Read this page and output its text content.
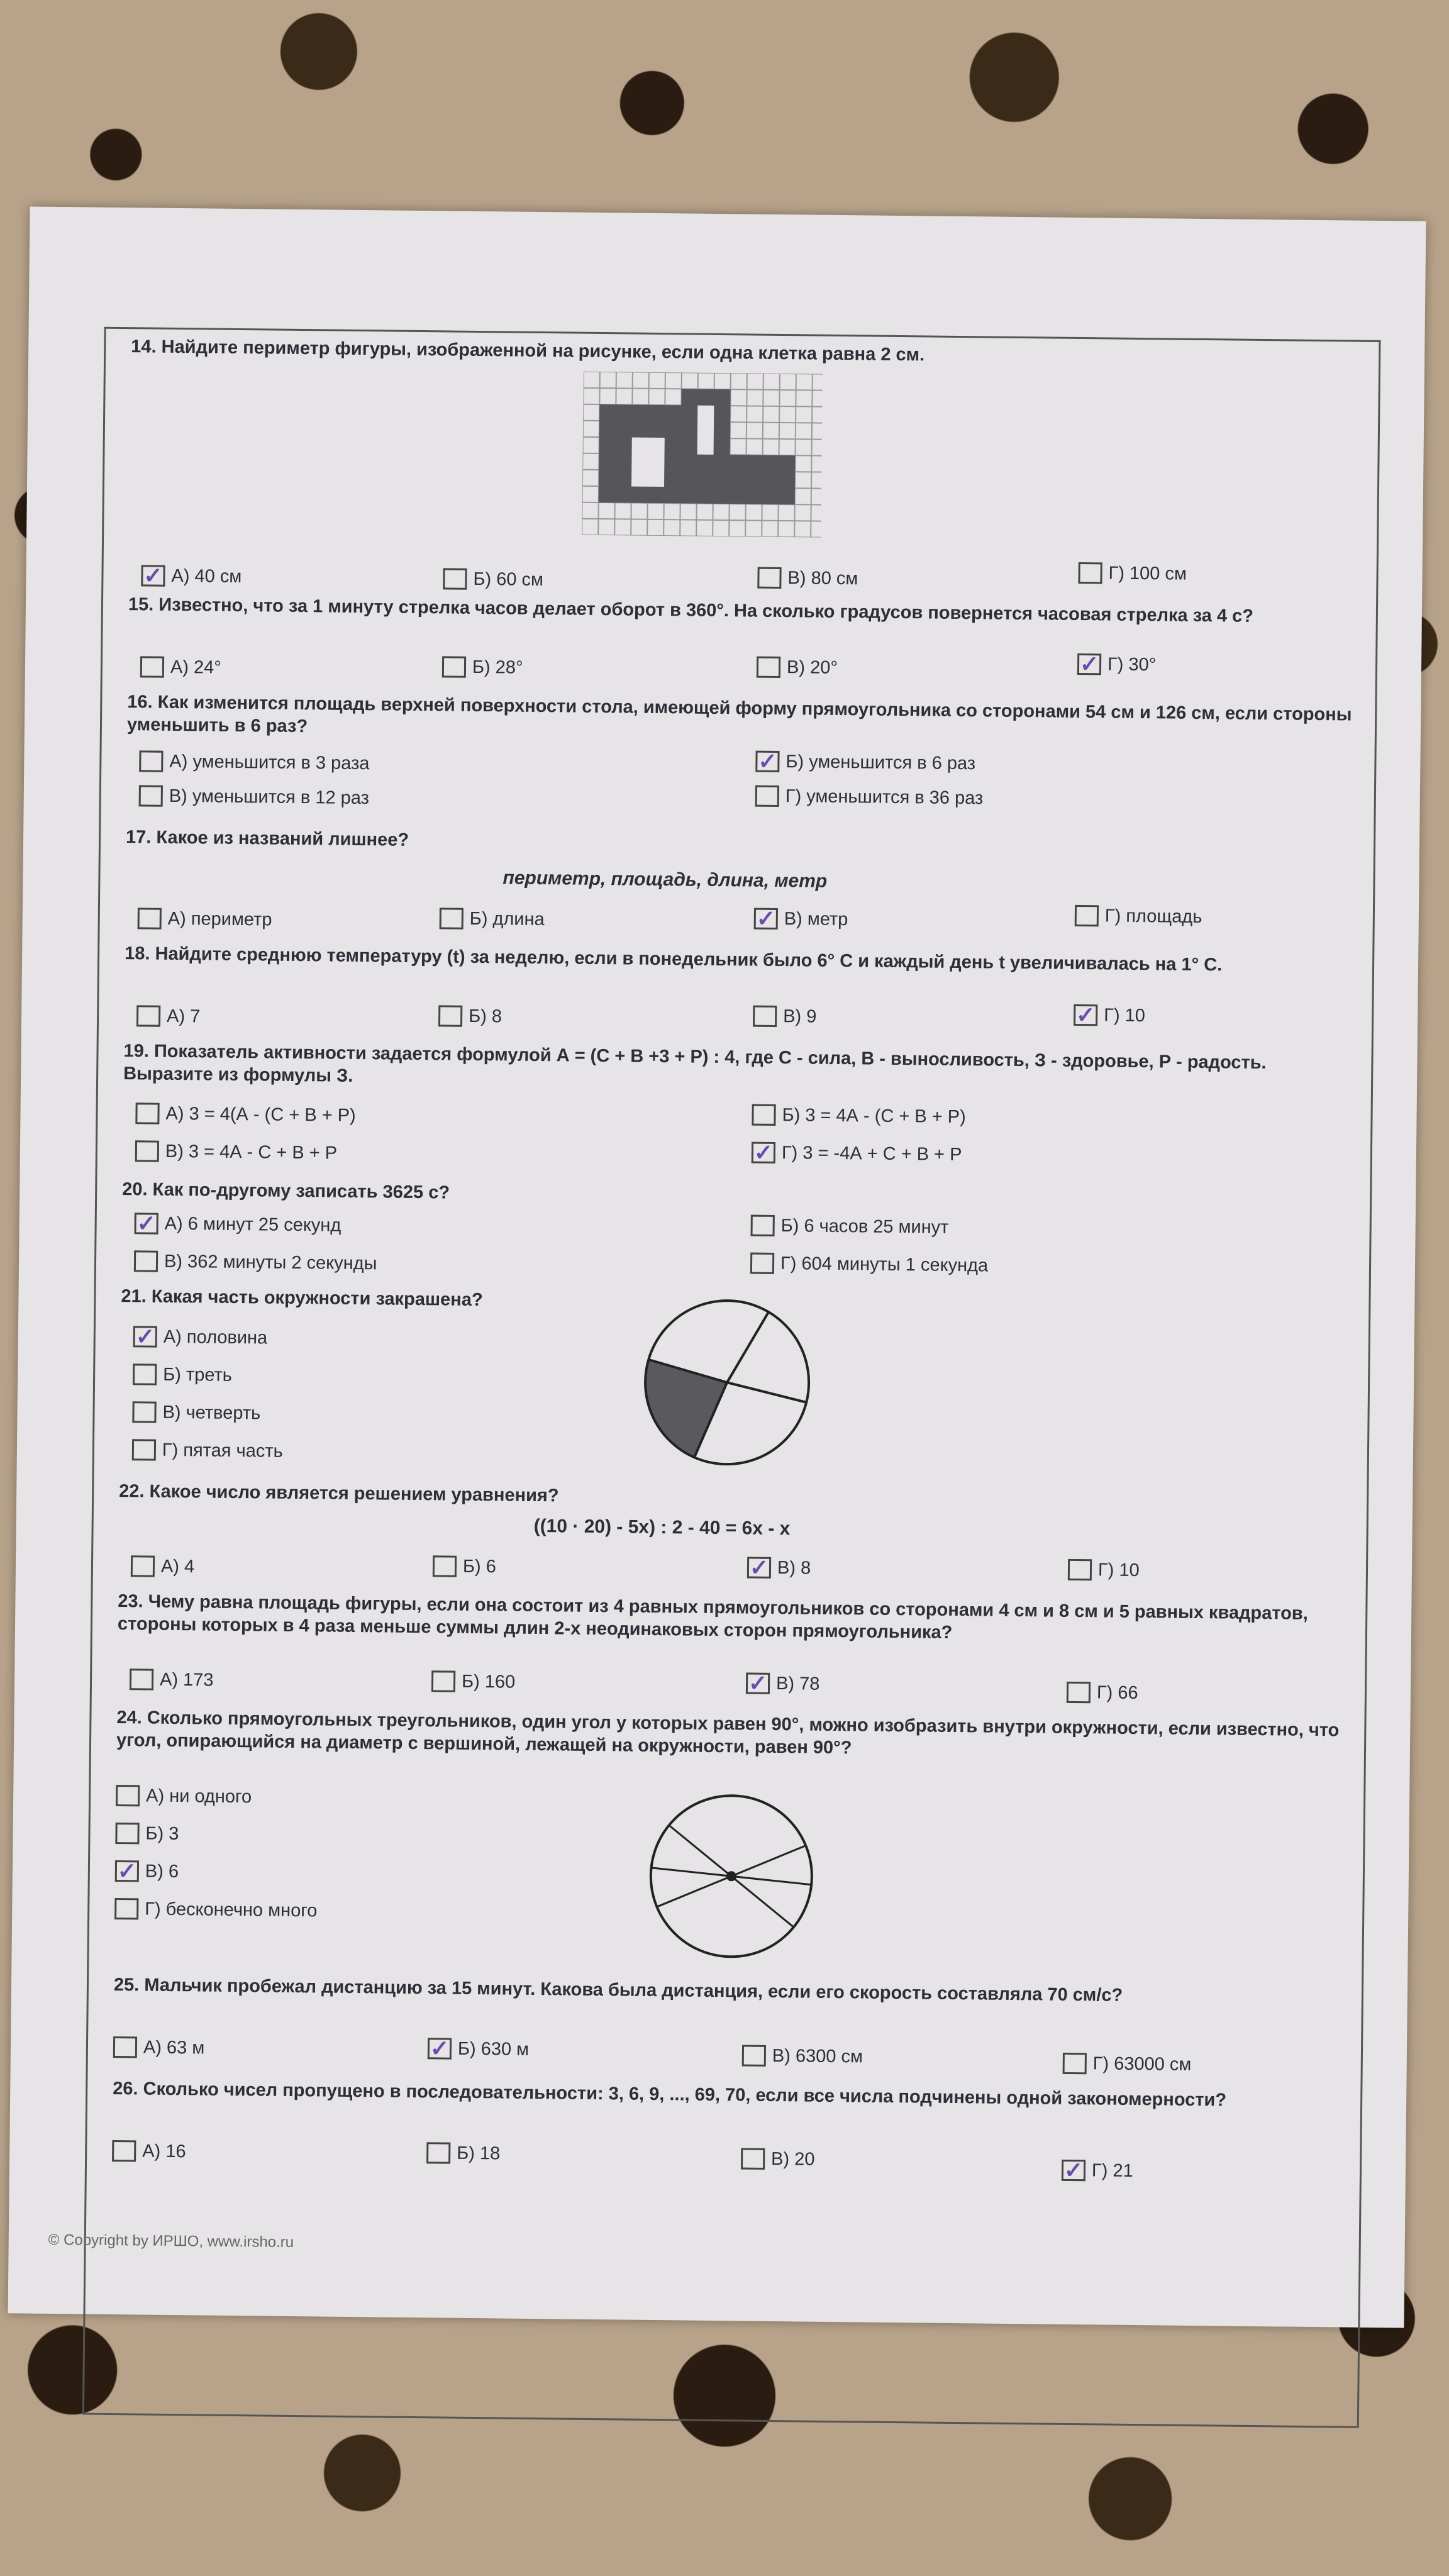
14. Найдите периметр фигуры, изображенной на рисунке, если одна клетка равна 2 см.
✓ А) 40 см	Б) 60 см	В) 80 см	Г) 100 см
15. Известно, что за 1 минуту стрелка часов делает оборот в 360°. На сколько градусов повернется часовая стрелка за 4 с?
А) 24°	Б) 28°	В) 20°	✓ Г) 30°
16. Как изменится площадь верхней поверхности стола, имеющей форму прямоугольника со сторонами 54 см и 126 см, если стороны уменьшить в 6 раз?
А) уменьшится в 3 раза	✓ Б) уменьшится в 6 раз
В) уменьшится в 12 раз	Г) уменьшится в 36 раз
17. Какое из названий лишнее?
периметр, площадь, длина, метр
А) периметр	Б) длина	✓ В) метр	Г) площадь
18. Найдите среднюю температуру (t) за неделю, если в понедельник было 6° С и каждый день t увеличивалась на 1° С.
А) 7	Б) 8	В) 9	✓ Г) 10
19. Показатель активности задается формулой А = (С + В +3 + Р) : 4, где С - сила, В - выносливость, З - здоровье, Р - радость. Выразите из формулы З.
А) 3 = 4(А - (С + В + Р)	Б) 3 = 4А - (С + В + Р)
В) 3 = 4А - С + В + Р	✓ Г) 3 = -4А + С + В + Р
20. Как по-другому записать 3625 с?
✓ А) 6 минут 25 секунд	Б) 6 часов 25 минут
В) 362 минуты 2 секунды	Г) 604 минуты 1 секунда
21. Какая часть окружности закрашена?
✓ А) половина
Б) треть
В) четверть
Г) пятая часть
22. Какое число является решением уравнения?
((10 · 20) - 5х) : 2 - 40 = 6х - х
А) 4	Б) 6	✓ В) 8	Г) 10
23. Чему равна площадь фигуры, если она состоит из 4 равных прямоугольников со сторонами 4 см и 8 см и 5 равных квадратов, стороны которых в 4 раза меньше суммы длин 2-х неодинаковых сторон прямоугольника?
А) 173	Б) 160	✓ В) 78	Г) 66
24. Сколько прямоугольных треугольников, один угол у которых равен 90°, можно изобразить внутри окружности, если известно, что угол, опирающийся на диаметр с вершиной, лежащей на окружности, равен 90°?
А) ни одного
Б) 3
✓ В) 6
Г) бесконечно много
25. Мальчик пробежал дистанцию за 15 минут. Какова была дистанция, если его скорость составляла 70 см/с?
А) 63 м	✓ Б) 630 м	В) 6300 см	Г) 63000 см
26. Сколько чисел пропущено в последовательности: 3, 6, 9, ..., 69, 70, если все числа подчинены одной закономерности?
А) 16	Б) 18	В) 20	✓ Г) 21
© Copyright by ИРШО, www.irsho.ru
